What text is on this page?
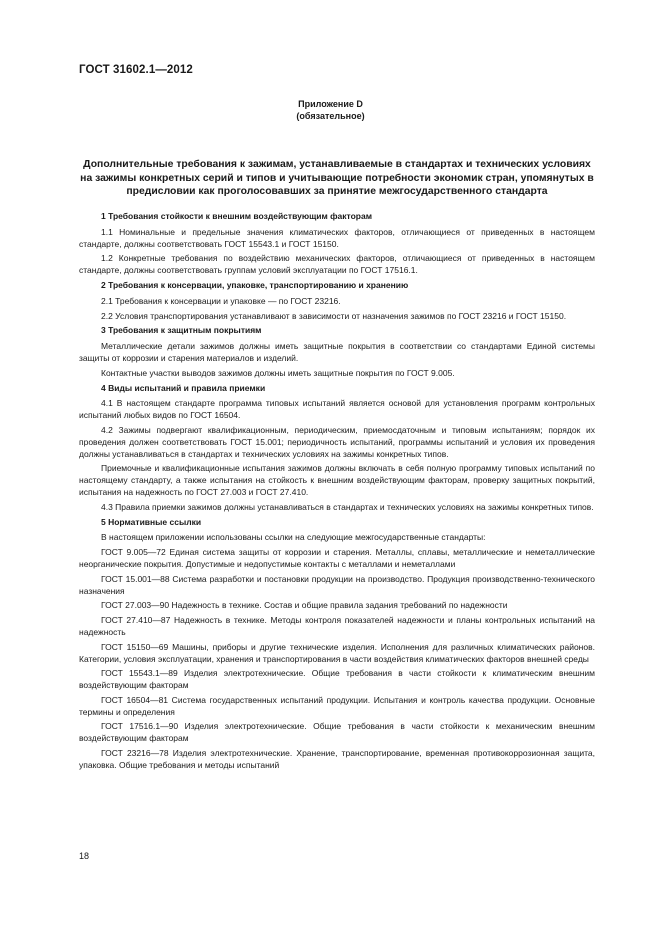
ГОСТ 31602.1—2012
Приложение D
(обязательное)
Дополнительные требования к зажимам, устанавливаемые в стандартах и технических условиях на зажимы конкретных серий и типов и учитывающие потребности экономик стран, упомянутых в предисловии как проголосовавших за принятие межгосударственного стандарта
1 Требования стойкости к внешним воздействующим факторам

1.1 Номинальные и предельные значения климатических факторов, отличающиеся от приведенных в настоящем стандарте, должны соответствовать ГОСТ 15543.1 и ГОСТ 15150.

1.2 Конкретные требования по воздействию механических факторов, отличающиеся от приведенных в настоящем стандарте, должны соответствовать группам условий эксплуатации по ГОСТ 17516.1.

2 Требования к консервации, упаковке, транспортированию и хранению

2.1 Требования к консервации и упаковке — по ГОСТ 23216.

2.2 Условия транспортирования устанавливают в зависимости от назначения зажимов по ГОСТ 23216 и ГОСТ 15150.

3 Требования к защитным покрытиям

Металлические детали зажимов должны иметь защитные покрытия в соответствии со стандартами Единой системы защиты от коррозии и старения материалов и изделий.

Контактные участки выводов зажимов должны иметь защитные покрытия по ГОСТ 9.005.

4 Виды испытаний и правила приемки

4.1 В настоящем стандарте программа типовых испытаний является основой для установления программ контрольных испытаний любых видов по ГОСТ 16504.

4.2 Зажимы подвергают квалификационным, периодическим, приемосдаточным и типовым испытаниям; порядок их проведения должен соответствовать ГОСТ 15.001; периодичность испытаний, программы испытаний и условия их проведения должны устанавливаться в стандартах и технических условиях на зажимы конкретных типов.

Приемочные и квалификационные испытания зажимов должны включать в себя полную программу типовых испытаний по настоящему стандарту, а также испытания на стойкость к внешним воздействующим факторам, проверку защитных покрытий, испытания на надежность по ГОСТ 27.003 и ГОСТ 27.410.

4.3 Правила приемки зажимов должны устанавливаться в стандартах и технических условиях на зажимы конкретных типов.

5 Нормативные ссылки

В настоящем приложении использованы ссылки на следующие межгосударственные стандарты:

ГОСТ 9.005—72 Единая система защиты от коррозии и старения. Металлы, сплавы, металлические и неметаллические неорганические покрытия. Допустимые и недопустимые контакты с металлами и неметаллами

ГОСТ 15.001—88 Система разработки и постановки продукции на производство. Продукция производственно-технического назначения

ГОСТ 27.003—90 Надежность в технике. Состав и общие правила задания требований по надежности

ГОСТ 27.410—87 Надежность в технике. Методы контроля показателей надежности и планы контрольных испытаний на надежность

ГОСТ 15150—69 Машины, приборы и другие технические изделия. Исполнения для различных климатических районов. Категории, условия эксплуатации, хранения и транспортирования в части воздействия климатических факторов внешней среды

ГОСТ 15543.1—89 Изделия электротехнические. Общие требования в части стойкости к климатическим внешним воздействующим факторам

ГОСТ 16504—81 Система государственных испытаний продукции. Испытания и контроль качества продукции. Основные термины и определения

ГОСТ 17516.1—90 Изделия электротехнические. Общие требования в части стойкости к механическим внешним воздействующим факторам

ГОСТ 23216—78 Изделия электротехнические. Хранение, транспортирование, временная противокоррозионная защита, упаковка. Общие требования и методы испытаний

18
